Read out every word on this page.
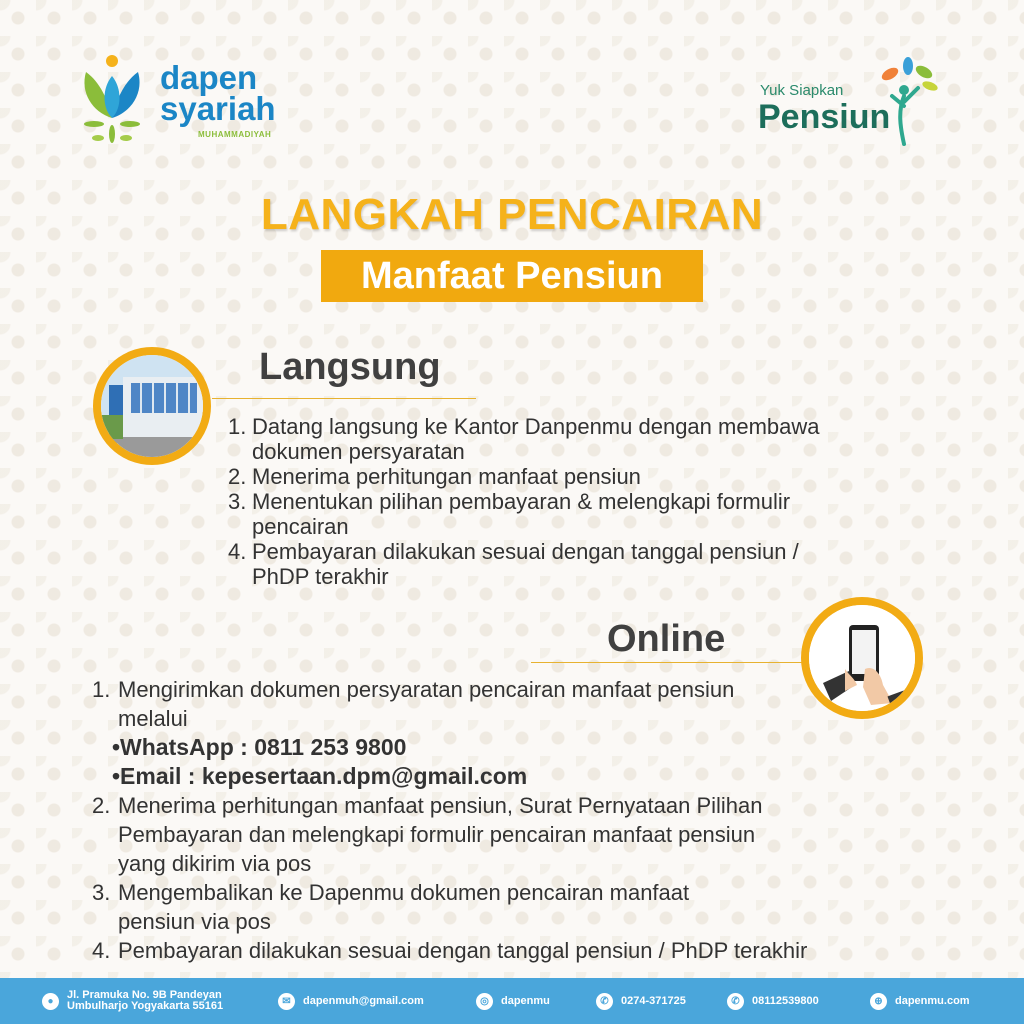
dapen
syariah
MUHAMMADIYAH
Yuk Siapkan
Pensiun
LANGKAH PENCAIRAN
Manfaat Pensiun
Langsung
1. Datang langsung ke Kantor Danpenmu dengan membawa dokumen persyaratan
2. Menerima perhitungan manfaat pensiun
3. Menentukan pilihan pembayaran & melengkapi formulir pencairan
4. Pembayaran dilakukan sesuai dengan tanggal pensiun / PhDP terakhir
Online
1. Mengirimkan dokumen persyaratan pencairan manfaat pensiun melalui
•WhatsApp : 0811 253 9800
•Email : kepesertaan.dpm@gmail.com
2. Menerima perhitungan manfaat pensiun, Surat Pernyataan Pilihan Pembayaran dan melengkapi formulir pencairan manfaat pensiun yang dikirim via pos
3. Mengembalikan ke Dapenmu dokumen pencairan manfaat pensiun via pos
4. Pembayaran dilakukan sesuai dengan tanggal pensiun / PhDP terakhir
●	Jl. Pramuka No. 9B Pandeyan
Umbulharjo Yogyakarta 55161	✉	dapenmuh@gmail.com	◎	dapenmu	✆	0274-371725	✆	08112539800	⊕	dapenmu.com
